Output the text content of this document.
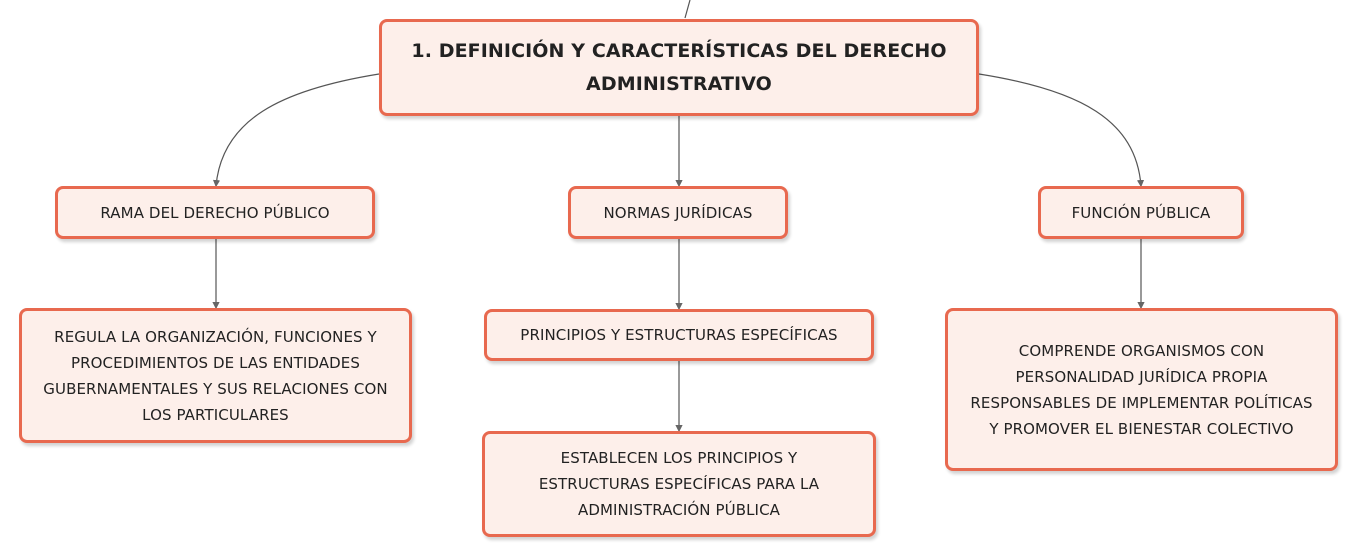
1. DEFINICIÓN Y CARACTERÍSTICAS DEL DERECHO
ADMINISTRATIVO
RAMA DEL DERECHO PÚBLICO	NORMAS JURÍDICAS	FUNCIÓN PÚBLICA
REGULA LA ORGANIZACIÓN, FUNCIONES Y
PROCEDIMIENTOS DE LAS ENTIDADES
GUBERNAMENTALES Y SUS RELACIONES CON
LOS PARTICULARES
PRINCIPIOS Y ESTRUCTURAS ESPECÍFICAS
ESTABLECEN LOS PRINCIPIOS Y
ESTRUCTURAS ESPECÍFICAS PARA LA
ADMINISTRACIÓN PÚBLICA
COMPRENDE ORGANISMOS CON
PERSONALIDAD JURÍDICA PROPIA
RESPONSABLES DE IMPLEMENTAR POLÍTICAS
Y PROMOVER EL BIENESTAR COLECTIVO
